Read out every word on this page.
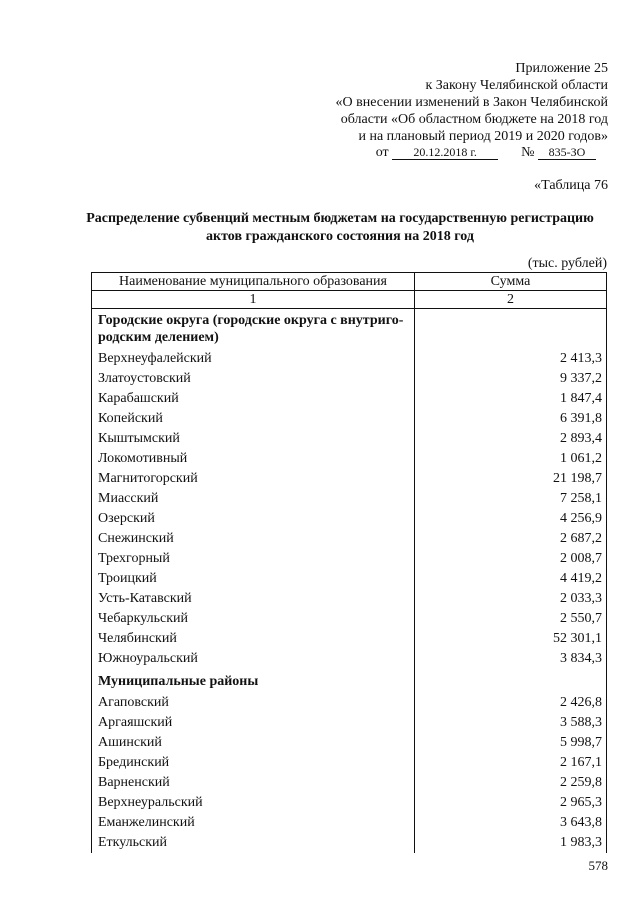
Приложение 25
к Закону Челябинской области
«О внесении изменений в Закон Челябинской
области «Об областном бюджете на 2018 год
и на плановый период 2019 и 2020 годов»
от 20.12.2018 г.	№ 835-ЗО
«Таблица 76
Распределение субвенций местным бюджетам на государственную регистрацию
актов гражданского состояния на 2018 год
(тыс. рублей)
Наименование муниципального образования	Сумма
1	2
Городские округа (городские округа с внутриго-родским делением)	
Верхнеуфалейский	2 413,3
Златоустовский	9 337,2
Карабашский	1 847,4
Копейский	6 391,8
Кыштымский	2 893,4
Локомотивный	1 061,2
Магнитогорский	21 198,7
Миасский	7 258,1
Озерский	4 256,9
Снежинский	2 687,2
Трехгорный	2 008,7
Троицкий	4 419,2
Усть-Катавский	2 033,3
Чебаркульский	2 550,7
Челябинский	52 301,1
Южноуральский	3 834,3
Муниципальные районы	
Агаповский	2 426,8
Аргаяшский	3 588,3
Ашинский	5 998,7
Брединский	2 167,1
Варненский	2 259,8
Верхнеуральский	2 965,3
Еманжелинский	3 643,8
Еткульский	1 983,3
578
